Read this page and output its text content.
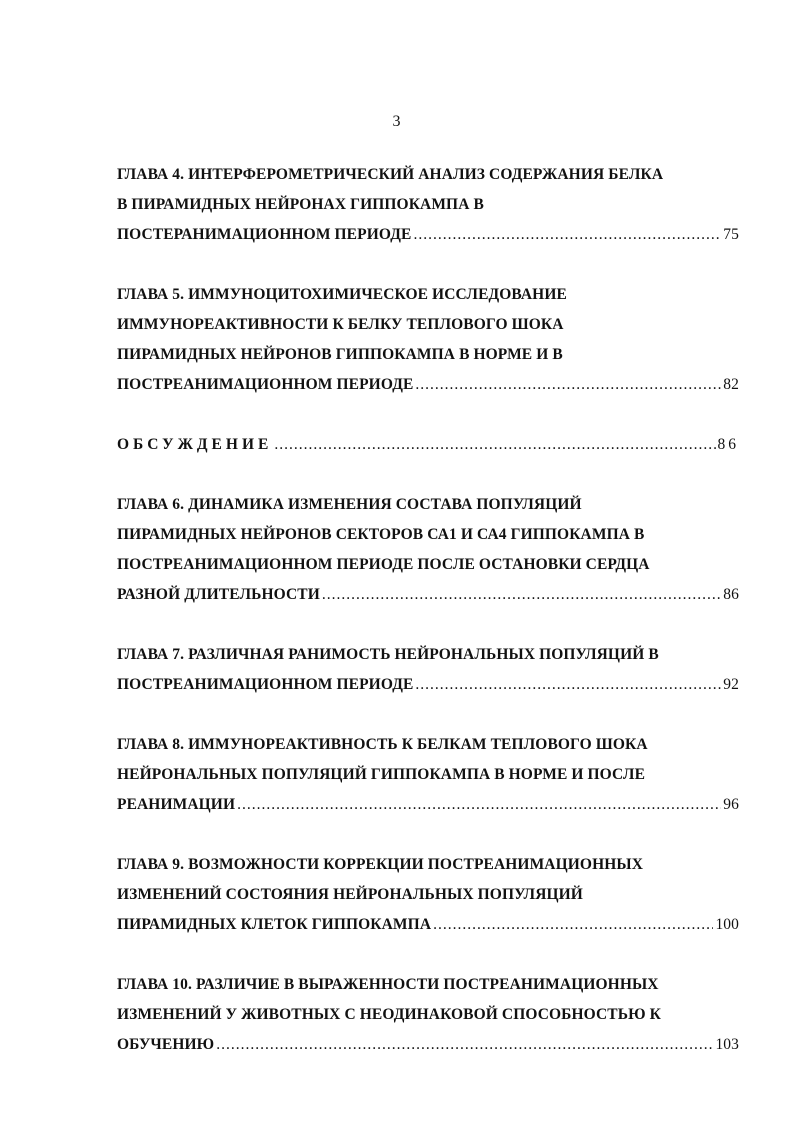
3
ГЛАВА 4. ИНТЕРФЕРОМЕТРИЧЕСКИЙ АНАЛИЗ СОДЕРЖАНИЯ БЕЛКА
В ПИРАМИДНЫХ НЕЙРОНАХ ГИППОКАМПА В
ПОСТЕРАНИМАЦИОННОМ ПЕРИОДЕ .....	75
ГЛАВА 5. ИММУНОЦИТОХИМИЧЕСКОЕ ИССЛЕДОВАНИЕ
ИММУНОРЕАКТИВНОСТИ К БЕЛКУ ТЕПЛОВОГО ШОКА
ПИРАМИДНЫХ НЕЙРОНОВ ГИППОКАМПА В НОРМЕ И В
ПОСТРЕАНИМАЦИОННОМ ПЕРИОДЕ .....	82
ОБСУЖДЕНИЕ .....	86
ГЛАВА 6. ДИНАМИКА ИЗМЕНЕНИЯ СОСТАВА ПОПУЛЯЦИЙ
ПИРАМИДНЫХ НЕЙРОНОВ СЕКТОРОВ СА1 И СА4 ГИППОКАМПА В
ПОСТРЕАНИМАЦИОННОМ ПЕРИОДЕ ПОСЛЕ ОСТАНОВКИ СЕРДЦА
РАЗНОЙ ДЛИТЕЛЬНОСТИ .....	86
ГЛАВА 7. РАЗЛИЧНАЯ РАНИМОСТЬ НЕЙРОНАЛЬНЫХ ПОПУЛЯЦИЙ В
ПОСТРЕАНИМАЦИОННОМ ПЕРИОДЕ .....	92
ГЛАВА 8. ИММУНОРЕАКТИВНОСТЬ К БЕЛКАМ ТЕПЛОВОГО ШОКА
НЕЙРОНАЛЬНЫХ ПОПУЛЯЦИЙ ГИППОКАМПА В НОРМЕ И ПОСЛЕ
РЕАНИМАЦИИ .....	96
ГЛАВА 9. ВОЗМОЖНОСТИ КОРРЕКЦИИ ПОСТРЕАНИМАЦИОННЫХ
ИЗМЕНЕНИЙ СОСТОЯНИЯ НЕЙРОНАЛЬНЫХ ПОПУЛЯЦИЙ
ПИРАМИДНЫХ КЛЕТОК ГИППОКАМПА .....	100
ГЛАВА 10. РАЗЛИЧИЕ В ВЫРАЖЕННОСТИ ПОСТРЕАНИМАЦИОННЫХ
ИЗМЕНЕНИЙ У ЖИВОТНЫХ С НЕОДИНАКОВОЙ СПОСОБНОСТЬЮ К
ОБУЧЕНИЮ .....	103
